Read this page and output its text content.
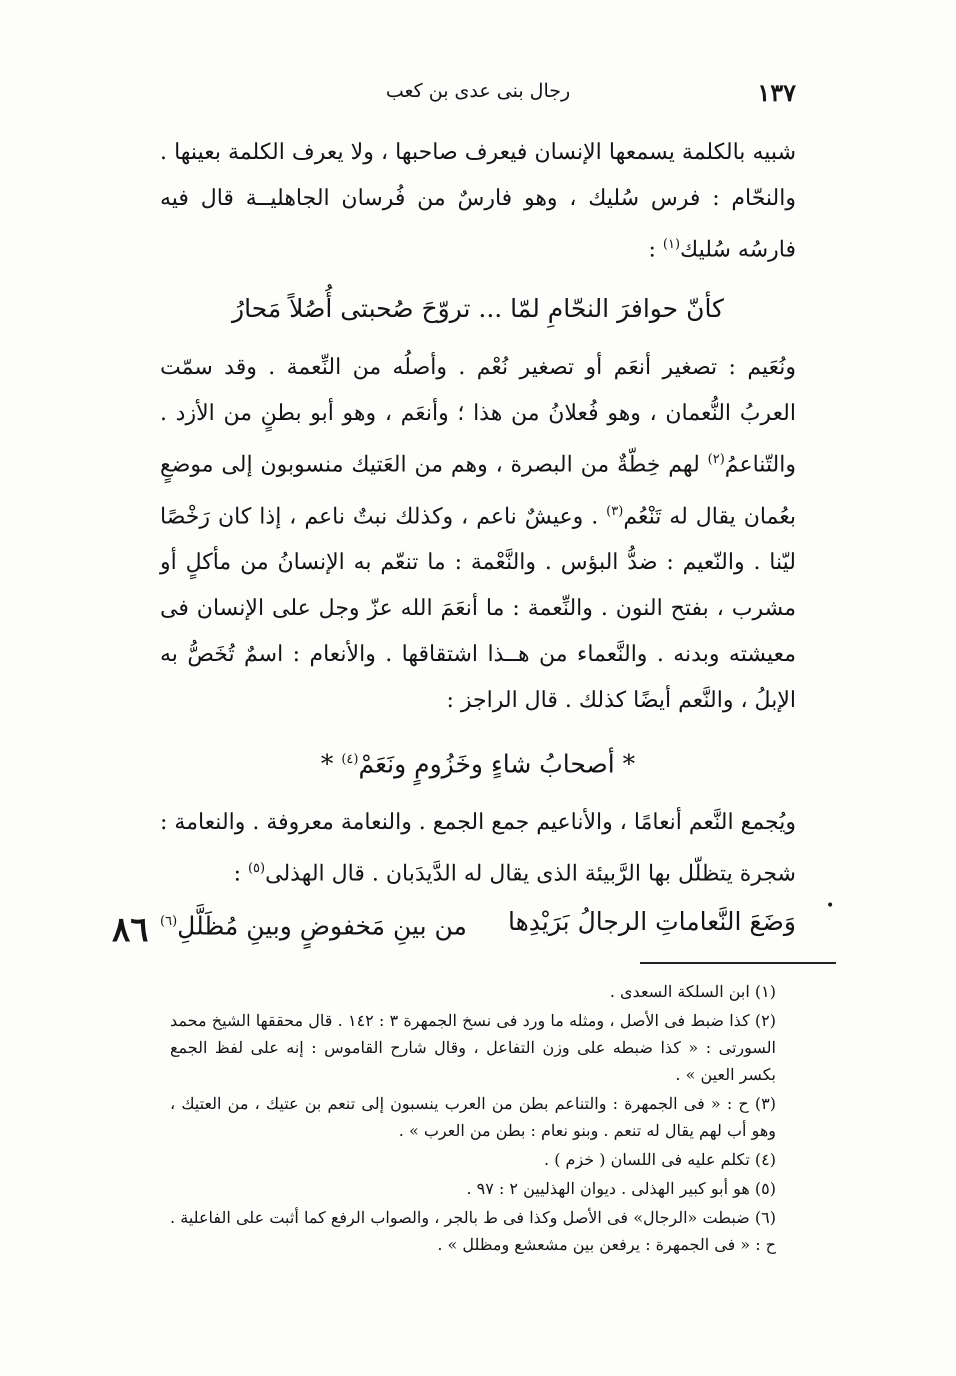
١٣٧
رجال بنى عدى بن كعب

شبيه بالكلمة يسمعها الإنسان فيعرف صاحبها ، ولا يعرف الكلمة بعينها . والنحّام : فرس سُليك ، وهو فارسٌ من فُرسان الجاهليــة قال فيه فارسُه سُليك$^{(١)}$ :

كأنّ حوافرَ النحّامِ لمّا ... تروّحَ صُحبتى أُصُلاً مَحارُ

ونُعَيم : تصغير أنعَم أو تصغير نُعْم . وأصلُه من النِّعمة . وقد سمّت العربُ النُّعمان ، وهو فُعلانُ من هذا ؛ وأنعَم ، وهو أبو بطنٍ من الأزد . والتّناعمُ$^{(٢)}$ لهم خِطّةٌ من البصرة ، وهم من العَتيك منسوبون إلى موضعٍ بعُمان يقال له تَنْعُم$^{(٣)}$ . وعيشٌ ناعم ، وكذلك نبتٌ ناعم ، إذا كان رَخْصًا ليّنا . والنّعيم : ضدُّ البؤس . والنَّعْمة : ما تنعّم به الإنسانُ من مأكلٍ أو مشرب ، بفتح النون . والنِّعمة : ما أنعَمَ الله عزّ وجل على الإنسان فى معيشته وبدنه . والنَّعماء من هــذا اشتقاقها . والأنعام : اسمٌ تُخَصُّ به الإبلُ ، والنَّعم أيضًا كذلك . قال الراجز :

* أصحابُ شاءٍ وخَزُومٍ ونَعَمْ$^{(٤)}$ *

ويُجمع النَّعم أنعامًا ، والأناعيم جمع الجمع . والنعامة معروفة . والنعامة : شجرة يتظلّل بها الرَّبيئة الذى يقال له الدَّيدَبان . قال الهذلى$^{(٥)}$ :

وَضَعَ النَّعاماتِ الرجالُ بَرَيْدِها
من بينِ مَخفوضٍ وبينِ مُظَلَّلِ$^{(٦)}$
٨٦
•

(١) ابن السلكة السعدى .

(٢) كذا ضبط فى الأصل ، ومثله ما ورد فى نسخ الجمهرة ٣ : ١٤٢ . قال محققها الشيخ محمد السورتى : « كذا ضبطه على وزن التفاعل ، وقال شارح القاموس : إنه على لفظ الجمع بكسر العين » .

(٣) ح : « فى الجمهرة : والتناعم بطن من العرب ينسبون إلى تنعم بن عتيك ، من العتيك ، وهو أب لهم يقال له تنعم . وبنو نعام : بطن من العرب » .

(٤) تكلم عليه فى اللسان ( خزم ) .

(٥) هو أبو كبير الهذلى . ديوان الهذليين ٢ : ٩٧ .

(٦) ضبطت «الرجال» فى الأصل وكذا فى ط بالجر ، والصواب الرفع كما أثبت على الفاعلية . ح : « فى الجمهرة : يرفعن بين مشعشع ومظلل » .
